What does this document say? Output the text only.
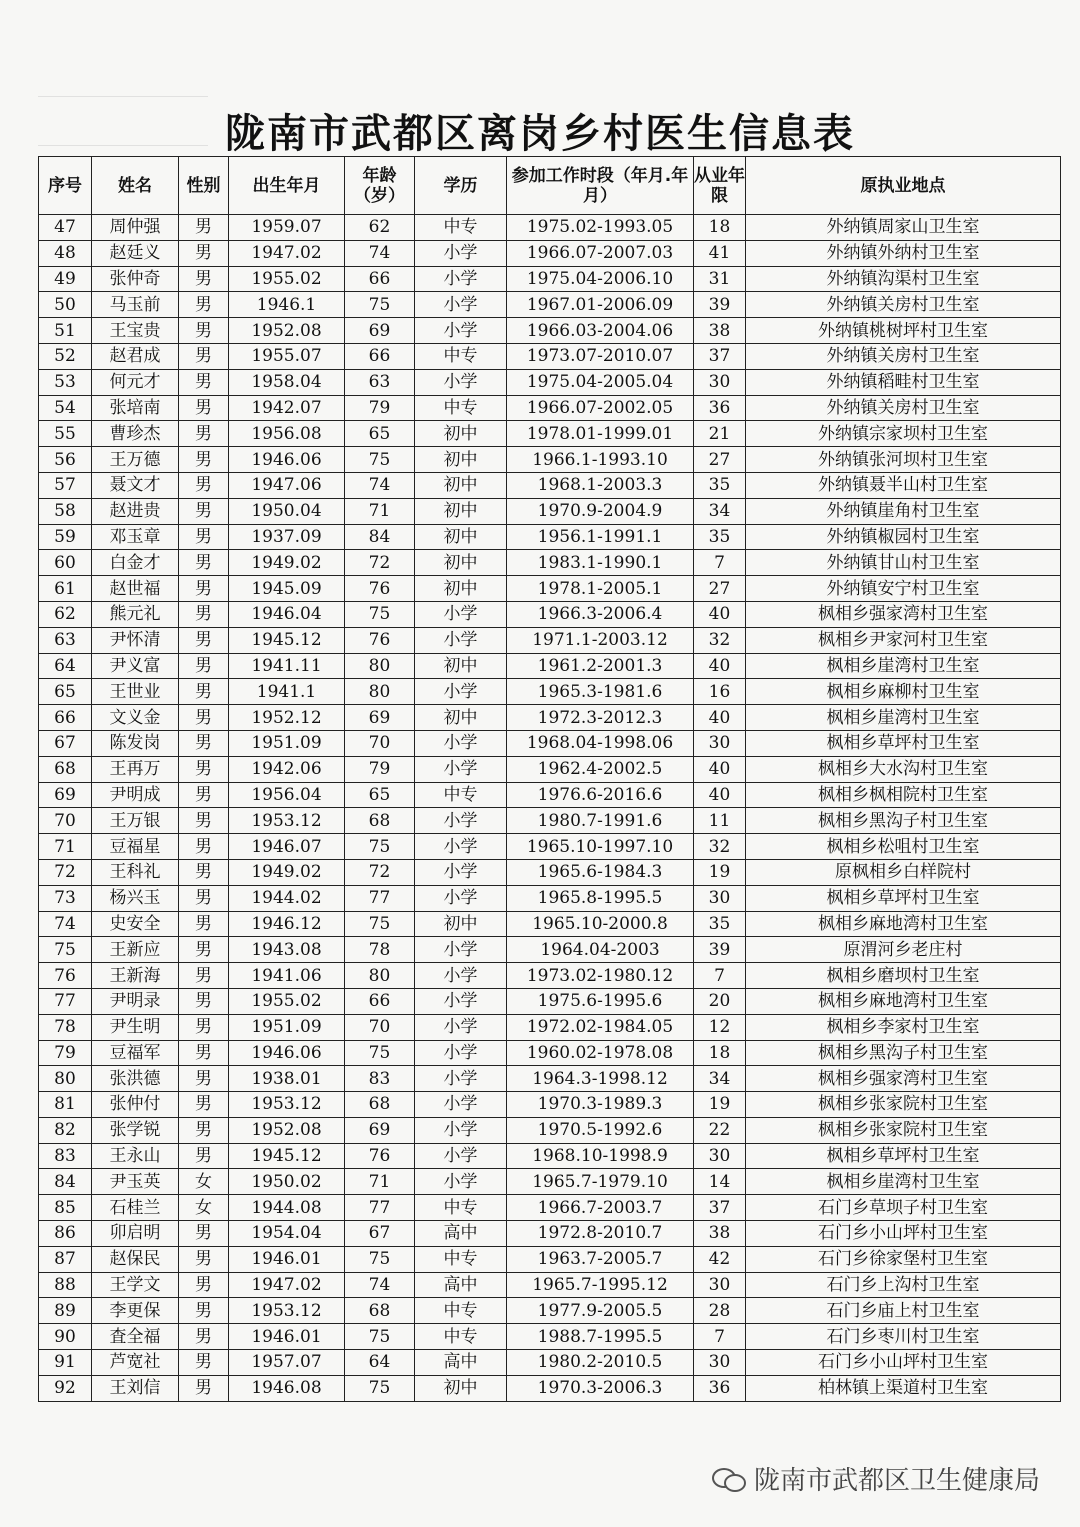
陇南市武都区离岗乡村医生信息表
序号	姓名	性别	出生年月	年龄（岁）	学历	参加工作时段（年月.年月）	从业年限	原执业地点
47	周仲强	男	1959.07	62	中专	1975.02-1993.05	18	外纳镇周家山卫生室
48	赵廷义	男	1947.02	74	小学	1966.07-2007.03	41	外纳镇外纳村卫生室
49	张仲奇	男	1955.02	66	小学	1975.04-2006.10	31	外纳镇沟渠村卫生室
50	马玉前	男	1946.1	75	小学	1967.01-2006.09	39	外纳镇关房村卫生室
51	王宝贵	男	1952.08	69	小学	1966.03-2004.06	38	外纳镇桃树坪村卫生室
52	赵君成	男	1955.07	66	中专	1973.07-2010.07	37	外纳镇关房村卫生室
53	何元才	男	1958.04	63	小学	1975.04-2005.04	30	外纳镇稻畦村卫生室
54	张培南	男	1942.07	79	中专	1966.07-2002.05	36	外纳镇关房村卫生室
55	曹珍杰	男	1956.08	65	初中	1978.01-1999.01	21	外纳镇宗家坝村卫生室
56	王万德	男	1946.06	75	初中	1966.1-1993.10	27	外纳镇张河坝村卫生室
57	聂文才	男	1947.06	74	初中	1968.1-2003.3	35	外纳镇聂半山村卫生室
58	赵进贵	男	1950.04	71	初中	1970.9-2004.9	34	外纳镇崖角村卫生室
59	邓玉章	男	1937.09	84	初中	1956.1-1991.1	35	外纳镇椒园村卫生室
60	白金才	男	1949.02	72	初中	1983.1-1990.1	7	外纳镇甘山村卫生室
61	赵世福	男	1945.09	76	初中	1978.1-2005.1	27	外纳镇安宁村卫生室
62	熊元礼	男	1946.04	75	小学	1966.3-2006.4	40	枫相乡强家湾村卫生室
63	尹怀清	男	1945.12	76	小学	1971.1-2003.12	32	枫相乡尹家河村卫生室
64	尹义富	男	1941.11	80	初中	1961.2-2001.3	40	枫相乡崖湾村卫生室
65	王世业	男	1941.1	80	小学	1965.3-1981.6	16	枫相乡麻柳村卫生室
66	文义金	男	1952.12	69	初中	1972.3-2012.3	40	枫相乡崖湾村卫生室
67	陈发岗	男	1951.09	70	小学	1968.04-1998.06	30	枫相乡草坪村卫生室
68	王再万	男	1942.06	79	小学	1962.4-2002.5	40	枫相乡大水沟村卫生室
69	尹明成	男	1956.04	65	中专	1976.6-2016.6	40	枫相乡枫相院村卫生室
70	王万银	男	1953.12	68	小学	1980.7-1991.6	11	枫相乡黑沟子村卫生室
71	豆福星	男	1946.07	75	小学	1965.10-1997.10	32	枫相乡松咀村卫生室
72	王科礼	男	1949.02	72	小学	1965.6-1984.3	19	原枫相乡白样院村
73	杨兴玉	男	1944.02	77	小学	1965.8-1995.5	30	枫相乡草坪村卫生室
74	史安全	男	1946.12	75	初中	1965.10-2000.8	35	枫相乡麻地湾村卫生室
75	王新应	男	1943.08	78	小学	1964.04-2003	39	原渭河乡老庄村
76	王新海	男	1941.06	80	小学	1973.02-1980.12	7	枫相乡磨坝村卫生室
77	尹明录	男	1955.02	66	小学	1975.6-1995.6	20	枫相乡麻地湾村卫生室
78	尹生明	男	1951.09	70	小学	1972.02-1984.05	12	枫相乡李家村卫生室
79	豆福军	男	1946.06	75	小学	1960.02-1978.08	18	枫相乡黑沟子村卫生室
80	张洪德	男	1938.01	83	小学	1964.3-1998.12	34	枫相乡强家湾村卫生室
81	张仲付	男	1953.12	68	小学	1970.3-1989.3	19	枫相乡张家院村卫生室
82	张学锐	男	1952.08	69	小学	1970.5-1992.6	22	枫相乡张家院村卫生室
83	王永山	男	1945.12	76	小学	1968.10-1998.9	30	枫相乡草坪村卫生室
84	尹玉英	女	1950.02	71	小学	1965.7-1979.10	14	枫相乡崖湾村卫生室
85	石桂兰	女	1944.08	77	中专	1966.7-2003.7	37	石门乡草坝子村卫生室
86	卯启明	男	1954.04	67	高中	1972.8-2010.7	38	石门乡小山坪村卫生室
87	赵保民	男	1946.01	75	中专	1963.7-2005.7	42	石门乡徐家堡村卫生室
88	王学文	男	1947.02	74	高中	1965.7-1995.12	30	石门乡上沟村卫生室
89	李更保	男	1953.12	68	中专	1977.9-2005.5	28	石门乡庙上村卫生室
90	査全福	男	1946.01	75	中专	1988.7-1995.5	7	石门乡枣川村卫生室
91	芦宽社	男	1957.07	64	高中	1980.2-2010.5	30	石门乡小山坪村卫生室
92	王刘信	男	1946.08	75	初中	1970.3-2006.3	36	柏林镇上渠道村卫生室
陇南市武都区卫生健康局
